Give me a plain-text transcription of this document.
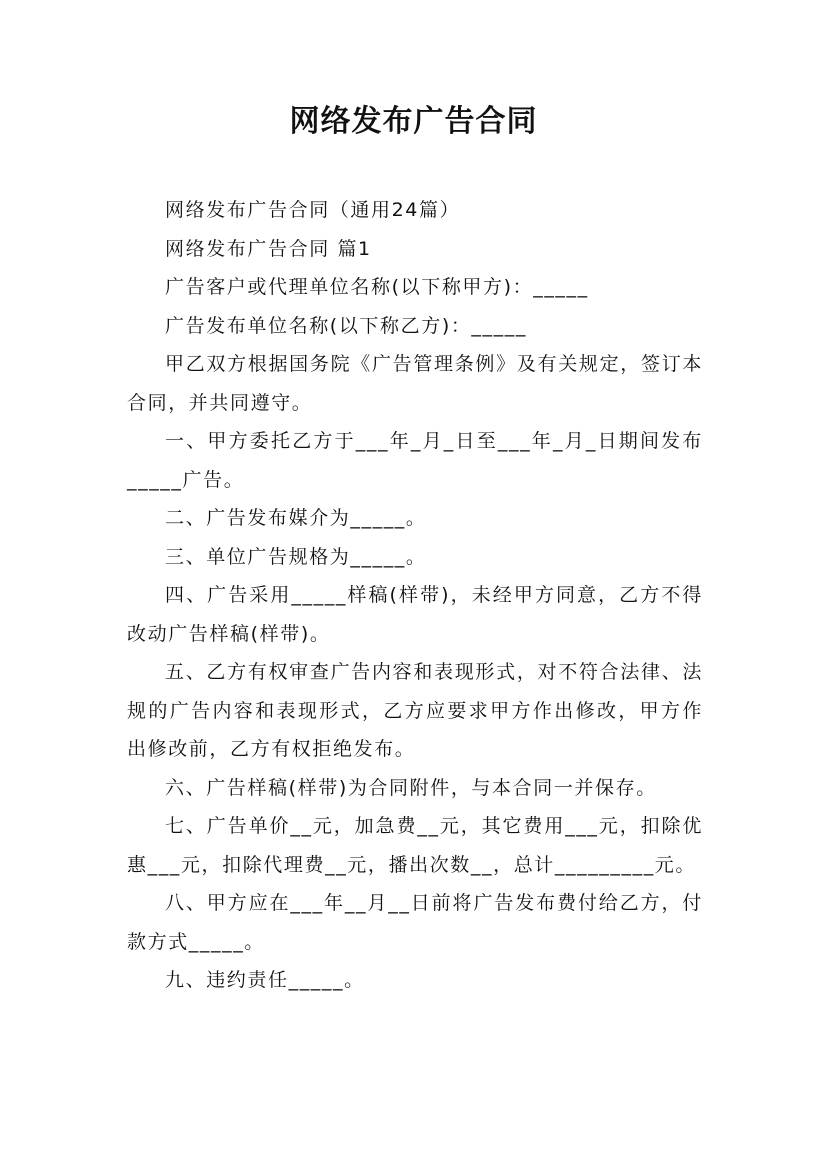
网络发布广告合同

网络发布广告合同（通用24篇）

网络发布广告合同 篇1

广告客户或代理单位名称(以下称甲方)：_____

广告发布单位名称(以下称乙方)：_____

甲乙双方根据国务院《广告管理条例》及有关规定，签订本合同，并共同遵守。

一、甲方委托乙方于___年_月_日至___年_月_日期间发布_____广告。

二、广告发布媒介为_____。

三、单位广告规格为_____。

四、广告采用_____样稿(样带)，未经甲方同意，乙方不得改动广告样稿(样带)。

五、乙方有权审查广告内容和表现形式，对不符合法律、法规的广告内容和表现形式，乙方应要求甲方作出修改，甲方作出修改前，乙方有权拒绝发布。

六、广告样稿(样带)为合同附件，与本合同一并保存。

七、广告单价__元，加急费__元，其它费用___元，扣除优惠___元，扣除代理费__元，播出次数__，总计_________元。

八、甲方应在___年__月__日前将广告发布费付给乙方，付款方式_____。

九、违约责任_____。
